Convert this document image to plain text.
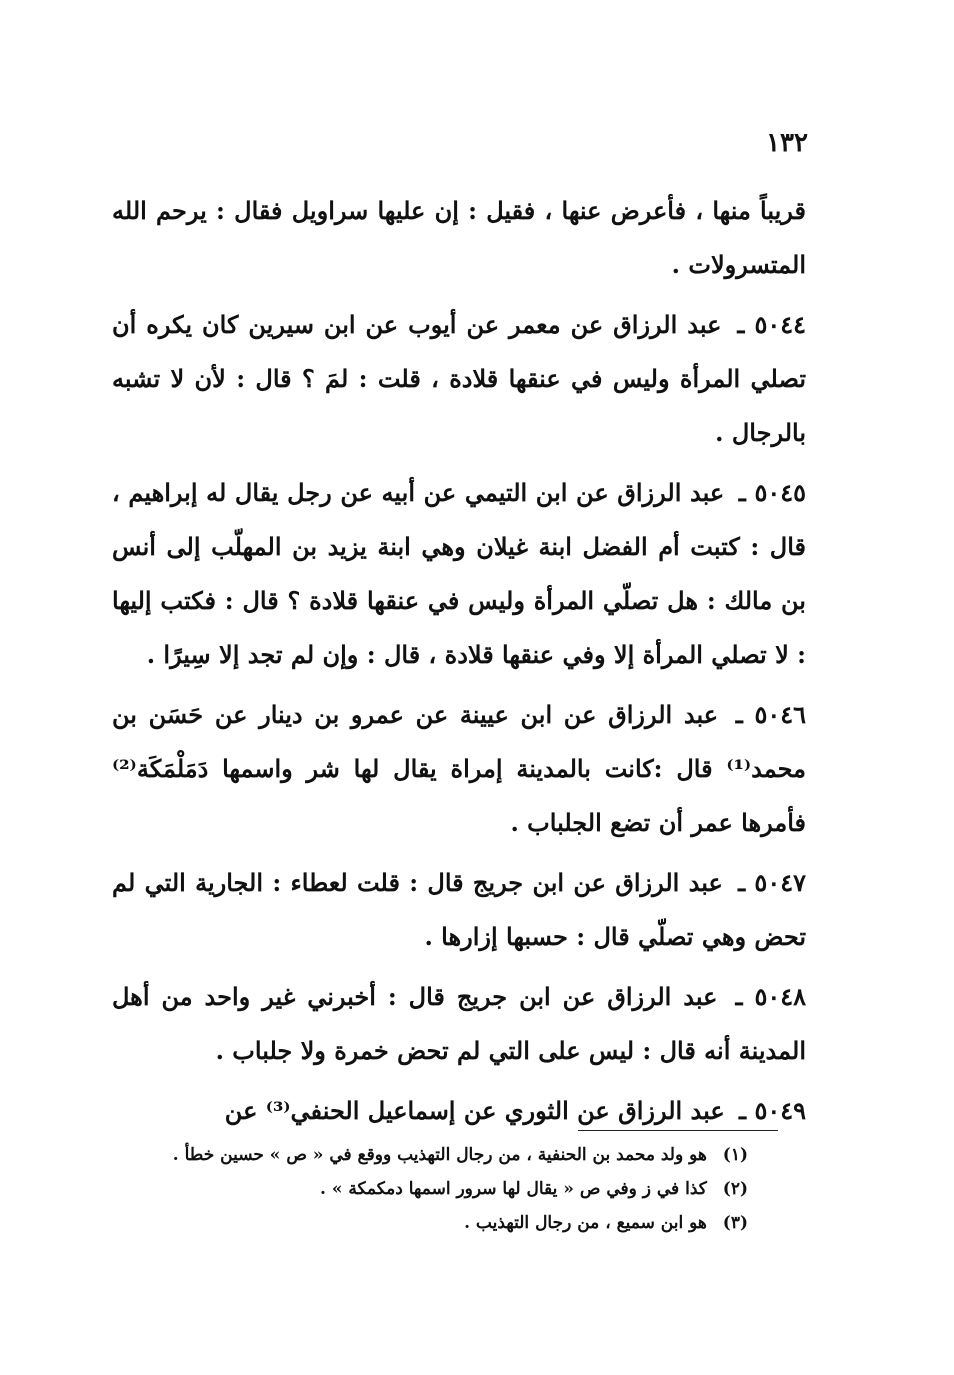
١٣٢

قريباً منها ، فأعرض عنها ، فقيل : إن عليها سراويل فقال : يرحم الله المتسرولات .

٥٠٤٤ ـ عبد الرزاق عن معمر عن أيوب عن ابن سيرين كان يكره أن تصلي المرأة وليس في عنقها قلادة ، قلت : لمَ ؟ قال : لأن لا تشبه بالرجال .

٥٠٤٥ ـ عبد الرزاق عن ابن التيمي عن أبيه عن رجل يقال له إبراهيم ، قال : كتبت أم الفضل ابنة غيلان وهي ابنة يزيد بن المهلّب إلى أنس بن مالك : هل تصلّي المرأة وليس في عنقها قلادة ؟ قال : فكتب إليها : لا تصلي المرأة إلا وفي عنقها قلادة ، قال : وإن لم تجد إلا سِيرًا .

٥٠٤٦ ـ عبد الرزاق عن ابن عيينة عن عمرو بن دينار عن حَسَن بن محمد⁽¹⁾ قال :كانت بالمدينة إمراة يقال لها شر واسمها دَمَلْمَكَة⁽²⁾ فأمرها عمر أن تضع الجلباب .

٥٠٤٧ ـ عبد الرزاق عن ابن جريج قال : قلت لعطاء : الجارية التي لم تحض وهي تصلّي قال : حسبها إزارها .

٥٠٤٨ ـ عبد الرزاق عن ابن جريج قال : أخبرني غير واحد من أهل المدينة أنه قال : ليس على التي لم تحض خمرة ولا جلباب .

٥٠٤٩ ـ عبد الرزاق عن الثوري عن إسماعيل الحنفي⁽³⁾ عن

(١) هو ولد محمد بن الحنفية ، من رجال التهذيب ووقع في « ص » حسين خطأ .

(٢) كذا في ز وفي ص « يقال لها سرور اسمها دمكمكة » .

(٣) هو ابن سميع ، من رجال التهذيب .
